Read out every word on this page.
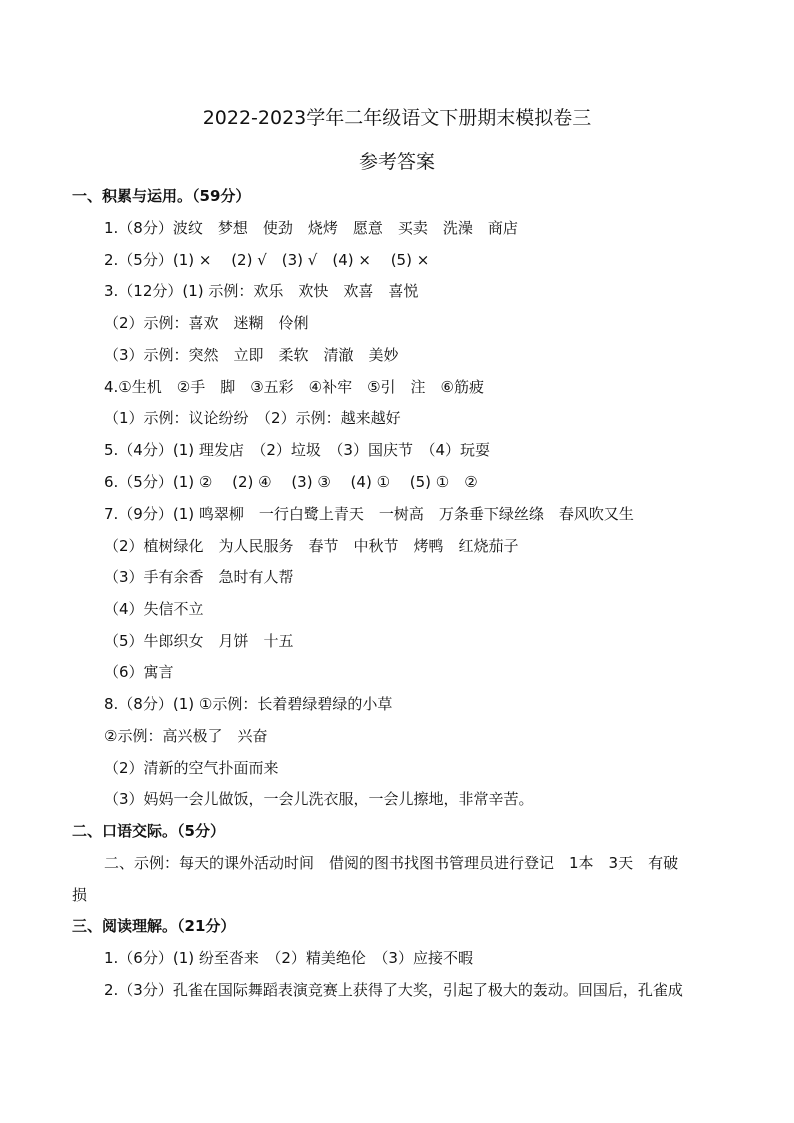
2022-2023学年二年级语文下册期末模拟卷三
参考答案
一、积累与运用。（59分）
1.（8分）波纹　梦想　使劲　烧烤　愿意　买卖　洗澡　商店
2.（5分）(1) ×　 (2) √　(3) √　(4) ×　 (5) ×
3.（12分）(1) 示例：欢乐　欢快　欢喜　喜悦
（2）示例：喜欢　迷糊　伶俐
（3）示例：突然　立即　柔软　清澈　美妙
4.①生机　②手　脚　③五彩　④补牢　⑤引　注　⑥筋疲
（1）示例：议论纷纷　（2）示例：越来越好
5.（4分）(1) 理发店　（2）垃圾　（3）国庆节　（4）玩耍
6.（5分）(1) ②　 (2) ④　 (3) ③　 (4) ①　 (5) ①　②
7.（9分）(1) 鸣翠柳　一行白鹭上青天　一树高　万条垂下绿丝绦　春风吹又生
（2）植树绿化　为人民服务　春节　中秋节　烤鸭　红烧茄子
（3）手有余香　急时有人帮
（4）失信不立
（5）牛郎织女　月饼　十五
（6）寓言
8.（8分）(1) ①示例：长着碧绿碧绿的小草
②示例：高兴极了　兴奋
（2）清新的空气扑面而来
（3）妈妈一会儿做饭，一会儿洗衣服，一会儿擦地，非常辛苦。
二、口语交际。（5分）
二、示例：每天的课外活动时间　借阅的图书找图书管理员进行登记　1本　3天　有破
损
三、阅读理解。（21分）
1.（6分）(1) 纷至沓来　（2）精美绝伦　（3）应接不暇
2.（3分）孔雀在国际舞蹈表演竞赛上获得了大奖，引起了极大的轰动。回国后，孔雀成
